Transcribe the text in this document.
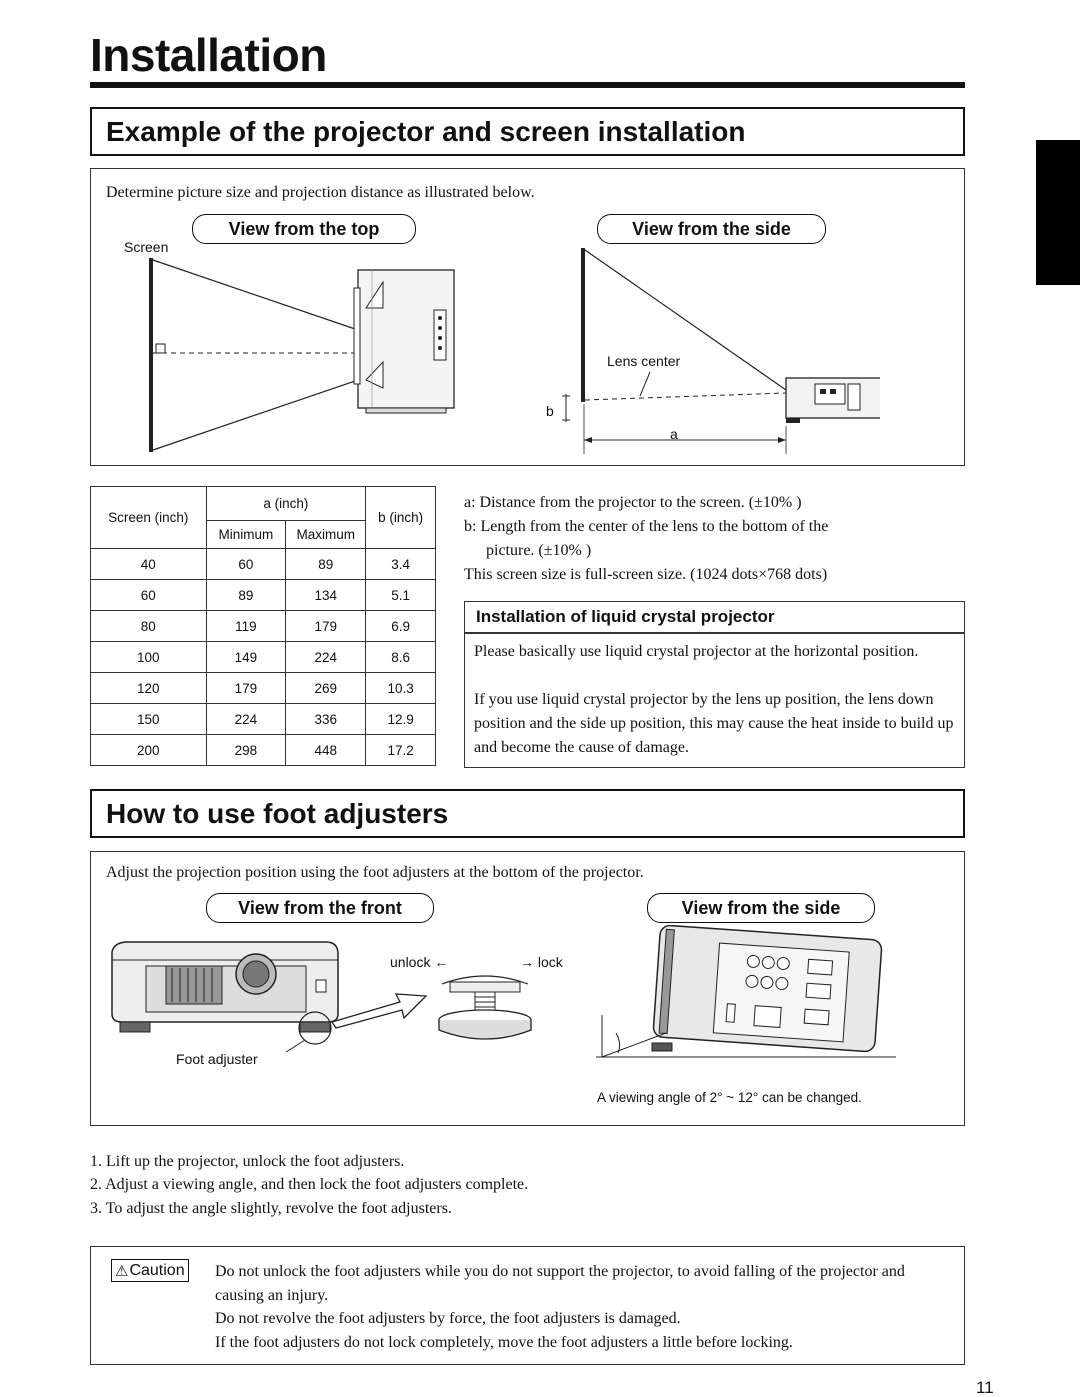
Installation
Example of the projector and screen installation
Determine picture size and projection distance as illustrated below.
View from the top	View from the side
Screen
Lens center
b
a
Screen (inch)	a (inch)		b (inch)
	Minimum	Maximum	
40	60	89	3.4
60	89	134	5.1
80	119	179	6.9
100	149	224	8.6
120	179	269	10.3
150	224	336	12.9
200	298	448	17.2
a: Distance from the projector to the screen. (±10% )
b: Length from the center of the lens to the bottom of the
picture. (±10% )
This screen size is full-screen size. (1024 dots×768 dots)
Installation of liquid crystal projector
Please basically use liquid crystal projector at the horizontal position.
If you use liquid crystal projector by the lens up position, the lens down position and the side up position, this may cause the heat inside to build up and become the cause of damage.
How to use foot adjusters
Adjust the projection position using the foot adjusters at the bottom of the projector.
View from the front	View from the side
Foot adjuster
unlock ←	→ lock
A viewing angle of 2° ~ 12° can be changed.
1. Lift up the projector, unlock the foot adjusters.
2. Adjust a viewing angle, and then lock the foot adjusters complete.
3. To adjust the angle slightly, revolve the foot adjusters.
⚠ Caution Do not unlock the foot adjusters while you do not support the projector, to avoid falling of the projector and causing an injury.
Do not revolve the foot adjusters by force, the foot adjusters is damaged.
If the foot adjusters do not lock completely, move the foot adjusters a little before locking.
11
